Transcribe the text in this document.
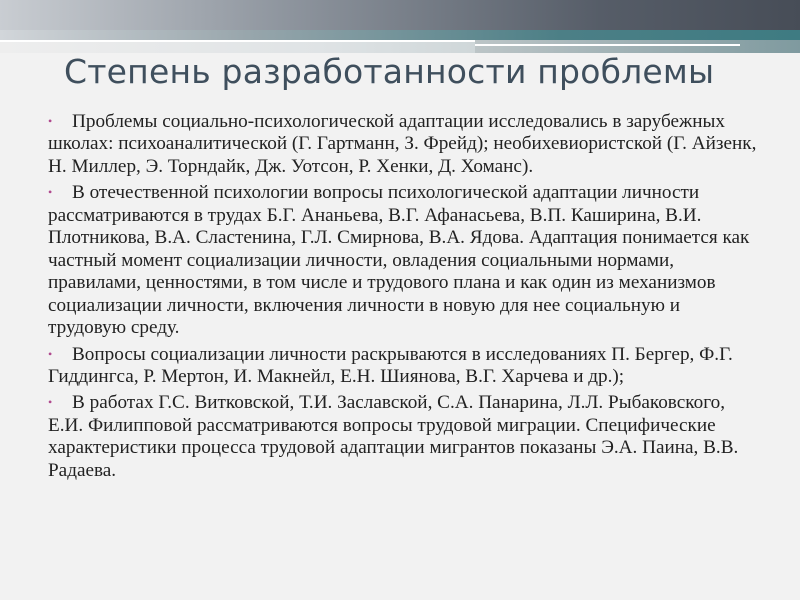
Степень разработанности проблемы
• Проблемы социально-психологической адаптации исследовались в зарубежных школах: психоаналитической (Г. Гартманн, З. Фрейд); необихевиористской (Г. Айзенк, Н. Миллер, Э. Торндайк, Дж. Уотсон, Р. Хенки, Д. Хоманс).
• В отечественной психологии вопросы психологической адаптации личности рассматриваются в трудах Б.Г. Ананьева, В.Г. Афанасьева, В.П. Каширина, В.И. Плотникова, В.А. Сластенина, Г.Л. Смирнова, В.А. Ядова. Адаптация понимается как частный момент социализации личности, овладения социальными нормами, правилами, ценностями, в том числе и трудового плана и как один из механизмов социализации личности, включения личности в новую для нее социальную и трудовую среду.
• Вопросы социализации личности раскрываются в исследованиях П. Бергер, Ф.Г. Гиддингса, Р. Мертон, И. Макнейл, Е.Н. Шиянова, В.Г. Харчева и др.);
• В работах Г.С. Витковской, Т.И. Заславской, С.А. Панарина, Л.Л. Рыбаковского, Е.И. Филипповой рассматриваются вопросы трудовой миграции. Специфические характеристики процесса трудовой адаптации мигрантов показаны Э.А. Паина, В.В. Радаева.
